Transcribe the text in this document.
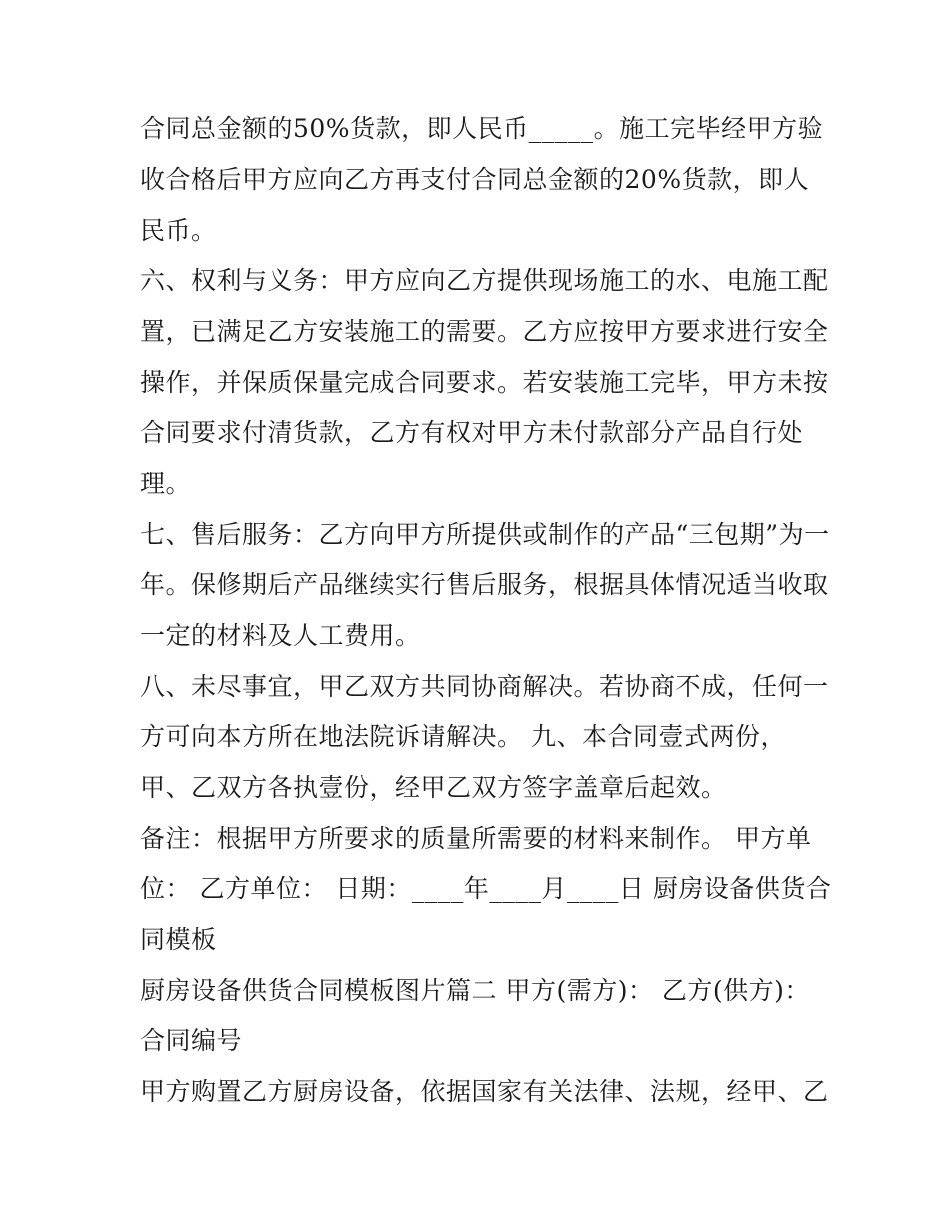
合同总金额的50%货款，即人民币_____。施工完毕经甲方验
收合格后甲方应向乙方再支付合同总金额的20%货款，即人
民币。
六、权利与义务：甲方应向乙方提供现场施工的水、电施工配
置，已满足乙方安装施工的需要。乙方应按甲方要求进行安全
操作，并保质保量完成合同要求。若安装施工完毕，甲方未按
合同要求付清货款，乙方有权对甲方未付款部分产品自行处
理。
七、售后服务：乙方向甲方所提供或制作的产品“三包期”为一
年。保修期后产品继续实行售后服务，根据具体情况适当收取
一定的材料及人工费用。
八、未尽事宜，甲乙双方共同协商解决。若协商不成，任何一
方可向本方所在地法院诉请解决。 九、本合同壹式两份，
甲、乙双方各执壹份，经甲乙双方签字盖章后起效。
备注：根据甲方所要求的质量所需要的材料来制作。 甲方单
位： 乙方单位： 日期：____年____月____日 厨房设备供货合
同模板
厨房设备供货合同模板图片篇二 甲方(需方)： 乙方(供方)：
合同编号
甲方购置乙方厨房设备，依据国家有关法律、法规，经甲、乙
